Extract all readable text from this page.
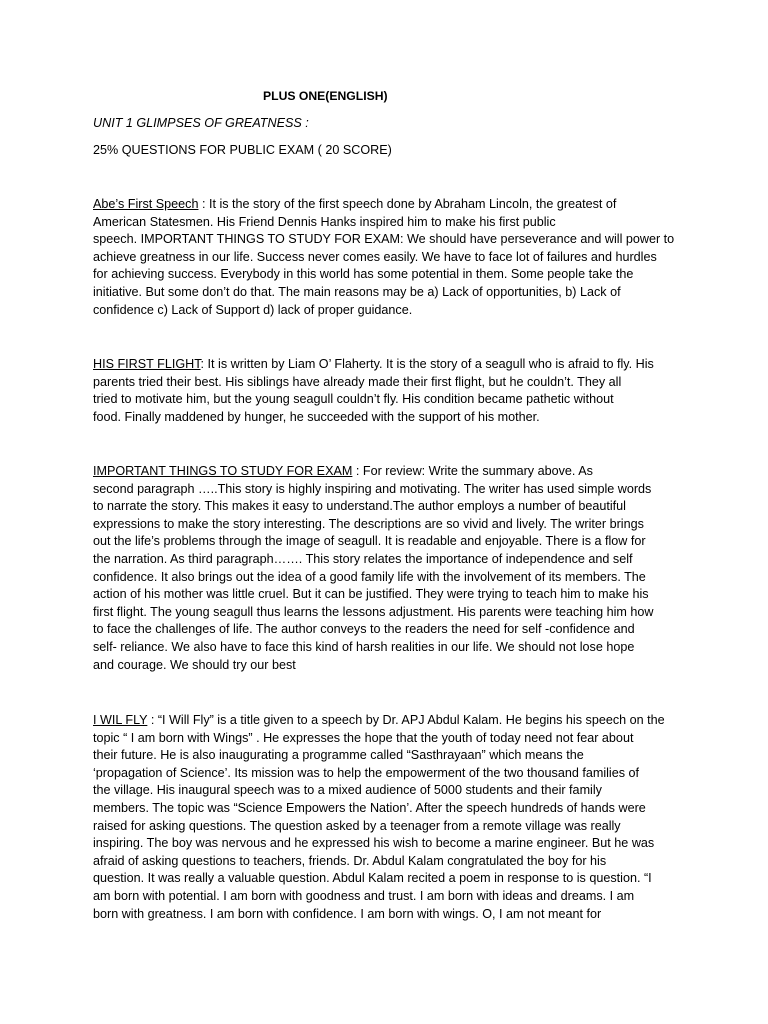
PLUS ONE(ENGLISH)
UNIT 1 GLIMPSES OF GREATNESS :
25% QUESTIONS FOR PUBLIC EXAM ( 20 SCORE)
Abe’s First Speech : It is the story of the first speech done by Abraham Lincoln, the greatest of
American Statesmen. His Friend Dennis Hanks inspired him to make his first public
speech. IMPORTANT THINGS TO STUDY FOR EXAM: We should have perseverance and will power to
achieve greatness in our life. Success never comes easily. We have to face lot of failures and hurdles
for achieving success. Everybody in this world has some potential in them. Some people take the
initiative. But some don’t do that. The main reasons may be a) Lack of opportunities, b) Lack of
confidence c) Lack of Support d) lack of proper guidance.
HIS FIRST FLIGHT: It is written by Liam O’ Flaherty. It is the story of a seagull who is afraid to fly. His
parents tried their best. His siblings have already made their first flight, but he couldn’t. They all
tried to motivate him, but the young seagull couldn’t fly. His condition became pathetic without
food. Finally maddened by hunger, he succeeded with the support of his mother.
IMPORTANT THINGS TO STUDY FOR EXAM : For review: Write the summary above. As
second paragraph …..This story is highly inspiring and motivating. The writer has used simple words
to narrate the story. This makes it easy to understand.The author employs a number of beautiful
expressions to make the story interesting. The descriptions are so vivid and lively. The writer brings
out the life’s problems through the image of seagull. It is readable and enjoyable. There is a flow for
the narration. As third paragraph……. This story relates the importance of independence and self
confidence. It also brings out the idea of a good family life with the involvement of its members. The
action of his mother was little cruel. But it can be justified. They were trying to teach him to make his
first flight. The young seagull thus learns the lessons adjustment. His parents were teaching him how
to face the challenges of life. The author conveys to the readers the need for self -confidence and
self- reliance. We also have to face this kind of harsh realities in our life. We should not lose hope
and courage. We should try our best
I WIL FLY : “I Will Fly” is a title given to a speech by Dr. APJ Abdul Kalam. He begins his speech on the
topic “ I am born with Wings” . He expresses the hope that the youth of today need not fear about
their future. He is also inaugurating a programme called “Sasthrayaan” which means the
‘propagation of Science’. Its mission was to help the empowerment of the two thousand families of
the village. His inaugural speech was to a mixed audience of 5000 students and their family
members. The topic was “Science Empowers the Nation’. After the speech hundreds of hands were
raised for asking questions. The question asked by a teenager from a remote village was really
inspiring. The boy was nervous and he expressed his wish to become a marine engineer. But he was
afraid of asking questions to teachers, friends. Dr. Abdul Kalam congratulated the boy for his
question. It was really a valuable question. Abdul Kalam recited a poem in response to is question. “I
am born with potential. I am born with goodness and trust. I am born with ideas and dreams. I am
born with greatness. I am born with confidence. I am born with wings. O, I am not meant for
